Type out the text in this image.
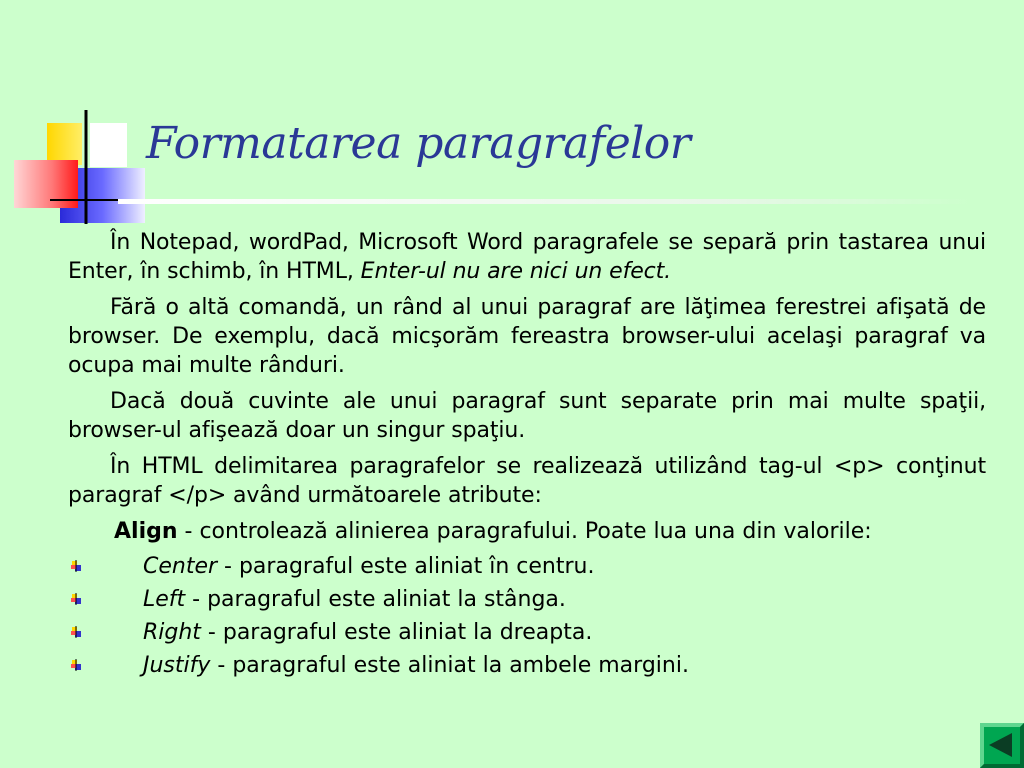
Formatarea paragrafelor

În Notepad, wordPad, Microsoft Word paragrafele se separă prin tastarea unui Enter, în schimb, în HTML, Enter-ul nu are nici un efect.

Fără o altă comandă, un rând al unui paragraf are lăţimea ferestrei afişată de browser. De exemplu, dacă micşorăm fereastra browser-ului acelaşi paragraf va ocupa mai multe rânduri.

Dacă două cuvinte ale unui paragraf sunt separate prin mai multe spaţii, browser-ul afişează doar un singur spaţiu.

În HTML delimitarea paragrafelor se realizează utilizând tag-ul <p> conţinut paragraf </p> având următoarele atribute:

Align - controlează alinierea paragrafului. Poate lua una din valorile:

Center - paragraful este aliniat în centru.
Left - paragraful este aliniat la stânga.
Right - paragraful este aliniat la dreapta.
Justify - paragraful este aliniat la ambele margini.
